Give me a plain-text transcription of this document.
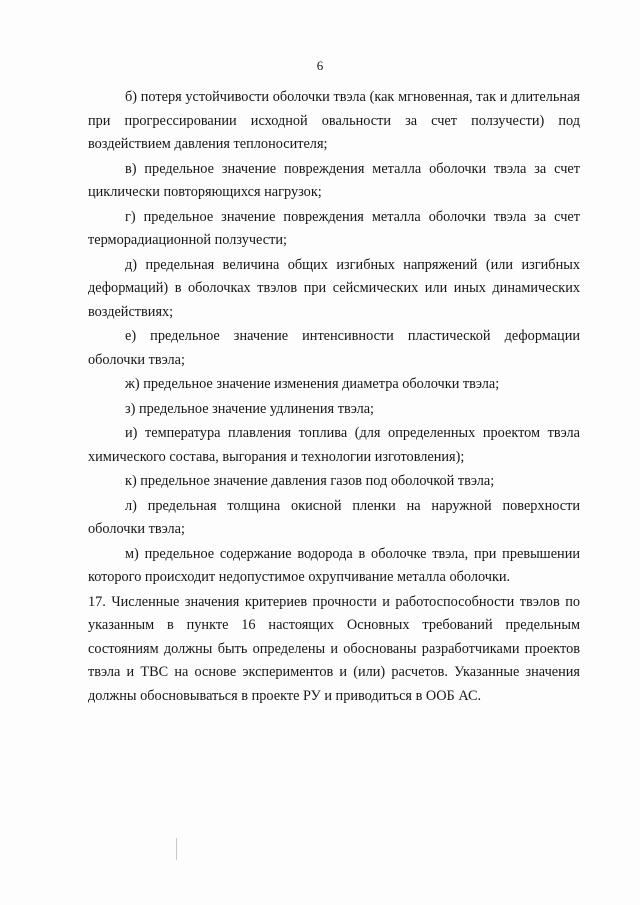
6

б) потеря устойчивости оболочки твэла (как мгновенная, так и длительная при прогрессировании исходной овальности за счет ползучести) под воздействием давления теплоносителя;

в) предельное значение повреждения металла оболочки твэла за счет циклически повторяющихся нагрузок;

г) предельное значение повреждения металла оболочки твэла за счет терморадиационной ползучести;

д) предельная величина общих изгибных напряжений (или изгибных деформаций) в оболочках твэлов при сейсмических или иных динамических воздействиях;

е) предельное значение интенсивности пластической деформации оболочки твэла;

ж) предельное значение изменения диаметра оболочки твэла;

з) предельное значение удлинения твэла;

и) температура плавления топлива (для определенных проектом твэла химического состава, выгорания и технологии изготовления);

к) предельное значение давления газов под оболочкой твэла;

л) предельная толщина окисной пленки на наружной поверхности оболочки твэла;

м) предельное содержание водорода в оболочке твэла, при превышении которого происходит недопустимое охрупчивание металла оболочки.

17. Численные значения критериев прочности и работоспособности твэлов по указанным в пункте 16 настоящих Основных требований предельным состояниям должны быть определены и обоснованы разработчиками проектов твэла и ТВС на основе экспериментов и (или) расчетов. Указанные значения должны обосновываться в проекте РУ и приводиться в ООБ АС.
